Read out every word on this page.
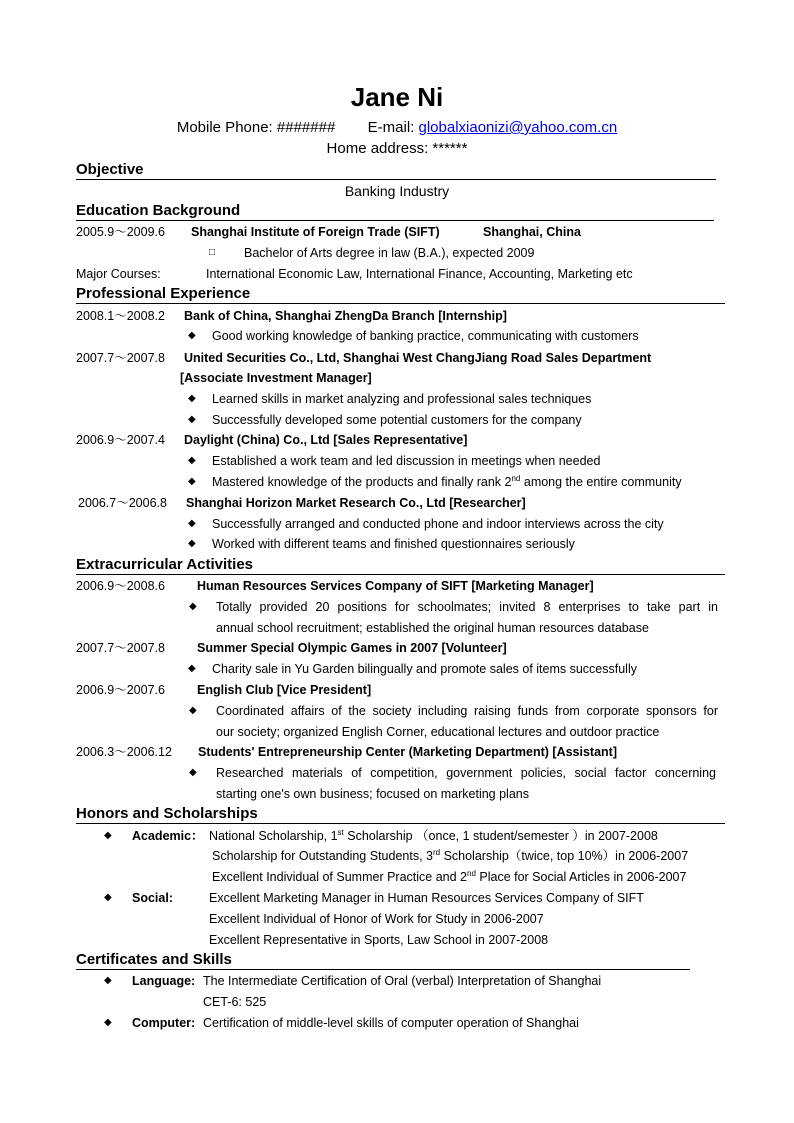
Jane Ni
Mobile Phone: ####### E-mail: globalxiaonizi@yahoo.com.cn
Home address: ******
Objective
Banking Industry
Education Background
2005.9～2009.6 Shanghai Institute of Foreign Trade (SIFT)	Shanghai, China
□ Bachelor of Arts degree in law (B.A.), expected 2009
Major Courses:	International Economic Law, International Finance, Accounting, Marketing etc
Professional Experience
2008.1～2008.2 Bank of China, Shanghai ZhengDa Branch [Internship]
◆ Good working knowledge of banking practice, communicating with customers
2007.7～2007.8 United Securities Co., Ltd, Shanghai West ChangJiang Road Sales Department
[Associate Investment Manager]
◆ Learned skills in market analyzing and professional sales techniques
◆ Successfully developed some potential customers for the company
2006.9～2007.4 Daylight (China) Co., Ltd [Sales Representative]
◆ Established a work team and led discussion in meetings when needed
◆ Mastered knowledge of the products and finally rank 2nd among the entire community
2006.7～2006.8 Shanghai Horizon Market Research Co., Ltd [Researcher]
◆ Successfully arranged and conducted phone and indoor interviews across the city
◆ Worked with different teams and finished questionnaires seriously
Extracurricular Activities
2006.9～2008.6	Human Resources Services Company of SIFT [Marketing Manager]
◆ Totally provided 20 positions for schoolmates; invited 8 enterprises to take part in
annual school recruitment; established the original human resources database
2007.7～2007.8	Summer Special Olympic Games in 2007 [Volunteer]
◆ Charity sale in Yu Garden bilingually and promote sales of items successfully
2006.9～2007.6	English Club [Vice President]
◆ Coordinated affairs of the society including raising funds from corporate sponsors for
our society; organized English Corner, educational lectures and outdoor practice
2006.3～2006.12 Students' Entrepreneurship Center (Marketing Department) [Assistant]
◆ Researched materials of competition, government policies, social factor concerning
starting one's own business; focused on marketing plans
Honors and Scholarships
◆ Academic： National Scholarship, 1st Scholarship （once, 1 student/semester ）in 2007-2008
Scholarship for Outstanding Students, 3rd Scholarship（twice, top 10%）in 2006-2007
Excellent Individual of Summer Practice and 2nd Place for Social Articles in 2006-2007
◆ Social:	Excellent Marketing Manager in Human Resources Services Company of SIFT
Excellent Individual of Honor of Work for Study in 2006-2007
Excellent Representative in Sports, Law School in 2007-2008
Certificates and Skills
◆ Language: The Intermediate Certification of Oral (verbal) Interpretation of Shanghai
CET-6: 525
◆ Computer: Certification of middle-level skills of computer operation of Shanghai
